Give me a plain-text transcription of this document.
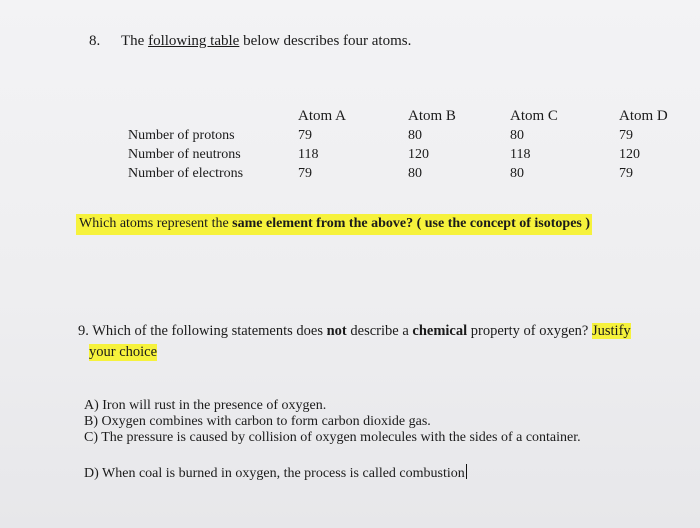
8. The following table below describes four atoms.
Number of protons
Number of neutrons
Number of electrons
Atom A
79
118
79
Atom B
80
120
80
Atom C
80
118
80
Atom D
79
120
79
Which atoms represent the same element from the above? ( use the concept of isotopes )
9. Which of the following statements does not describe a chemical property of oxygen? Justify
your choice
A) Iron will rust in the presence of oxygen.
B) Oxygen combines with carbon to form carbon dioxide gas.
C) The pressure is caused by collision of oxygen molecules with the sides of a container.
D) When coal is burned in oxygen, the process is called combustion
